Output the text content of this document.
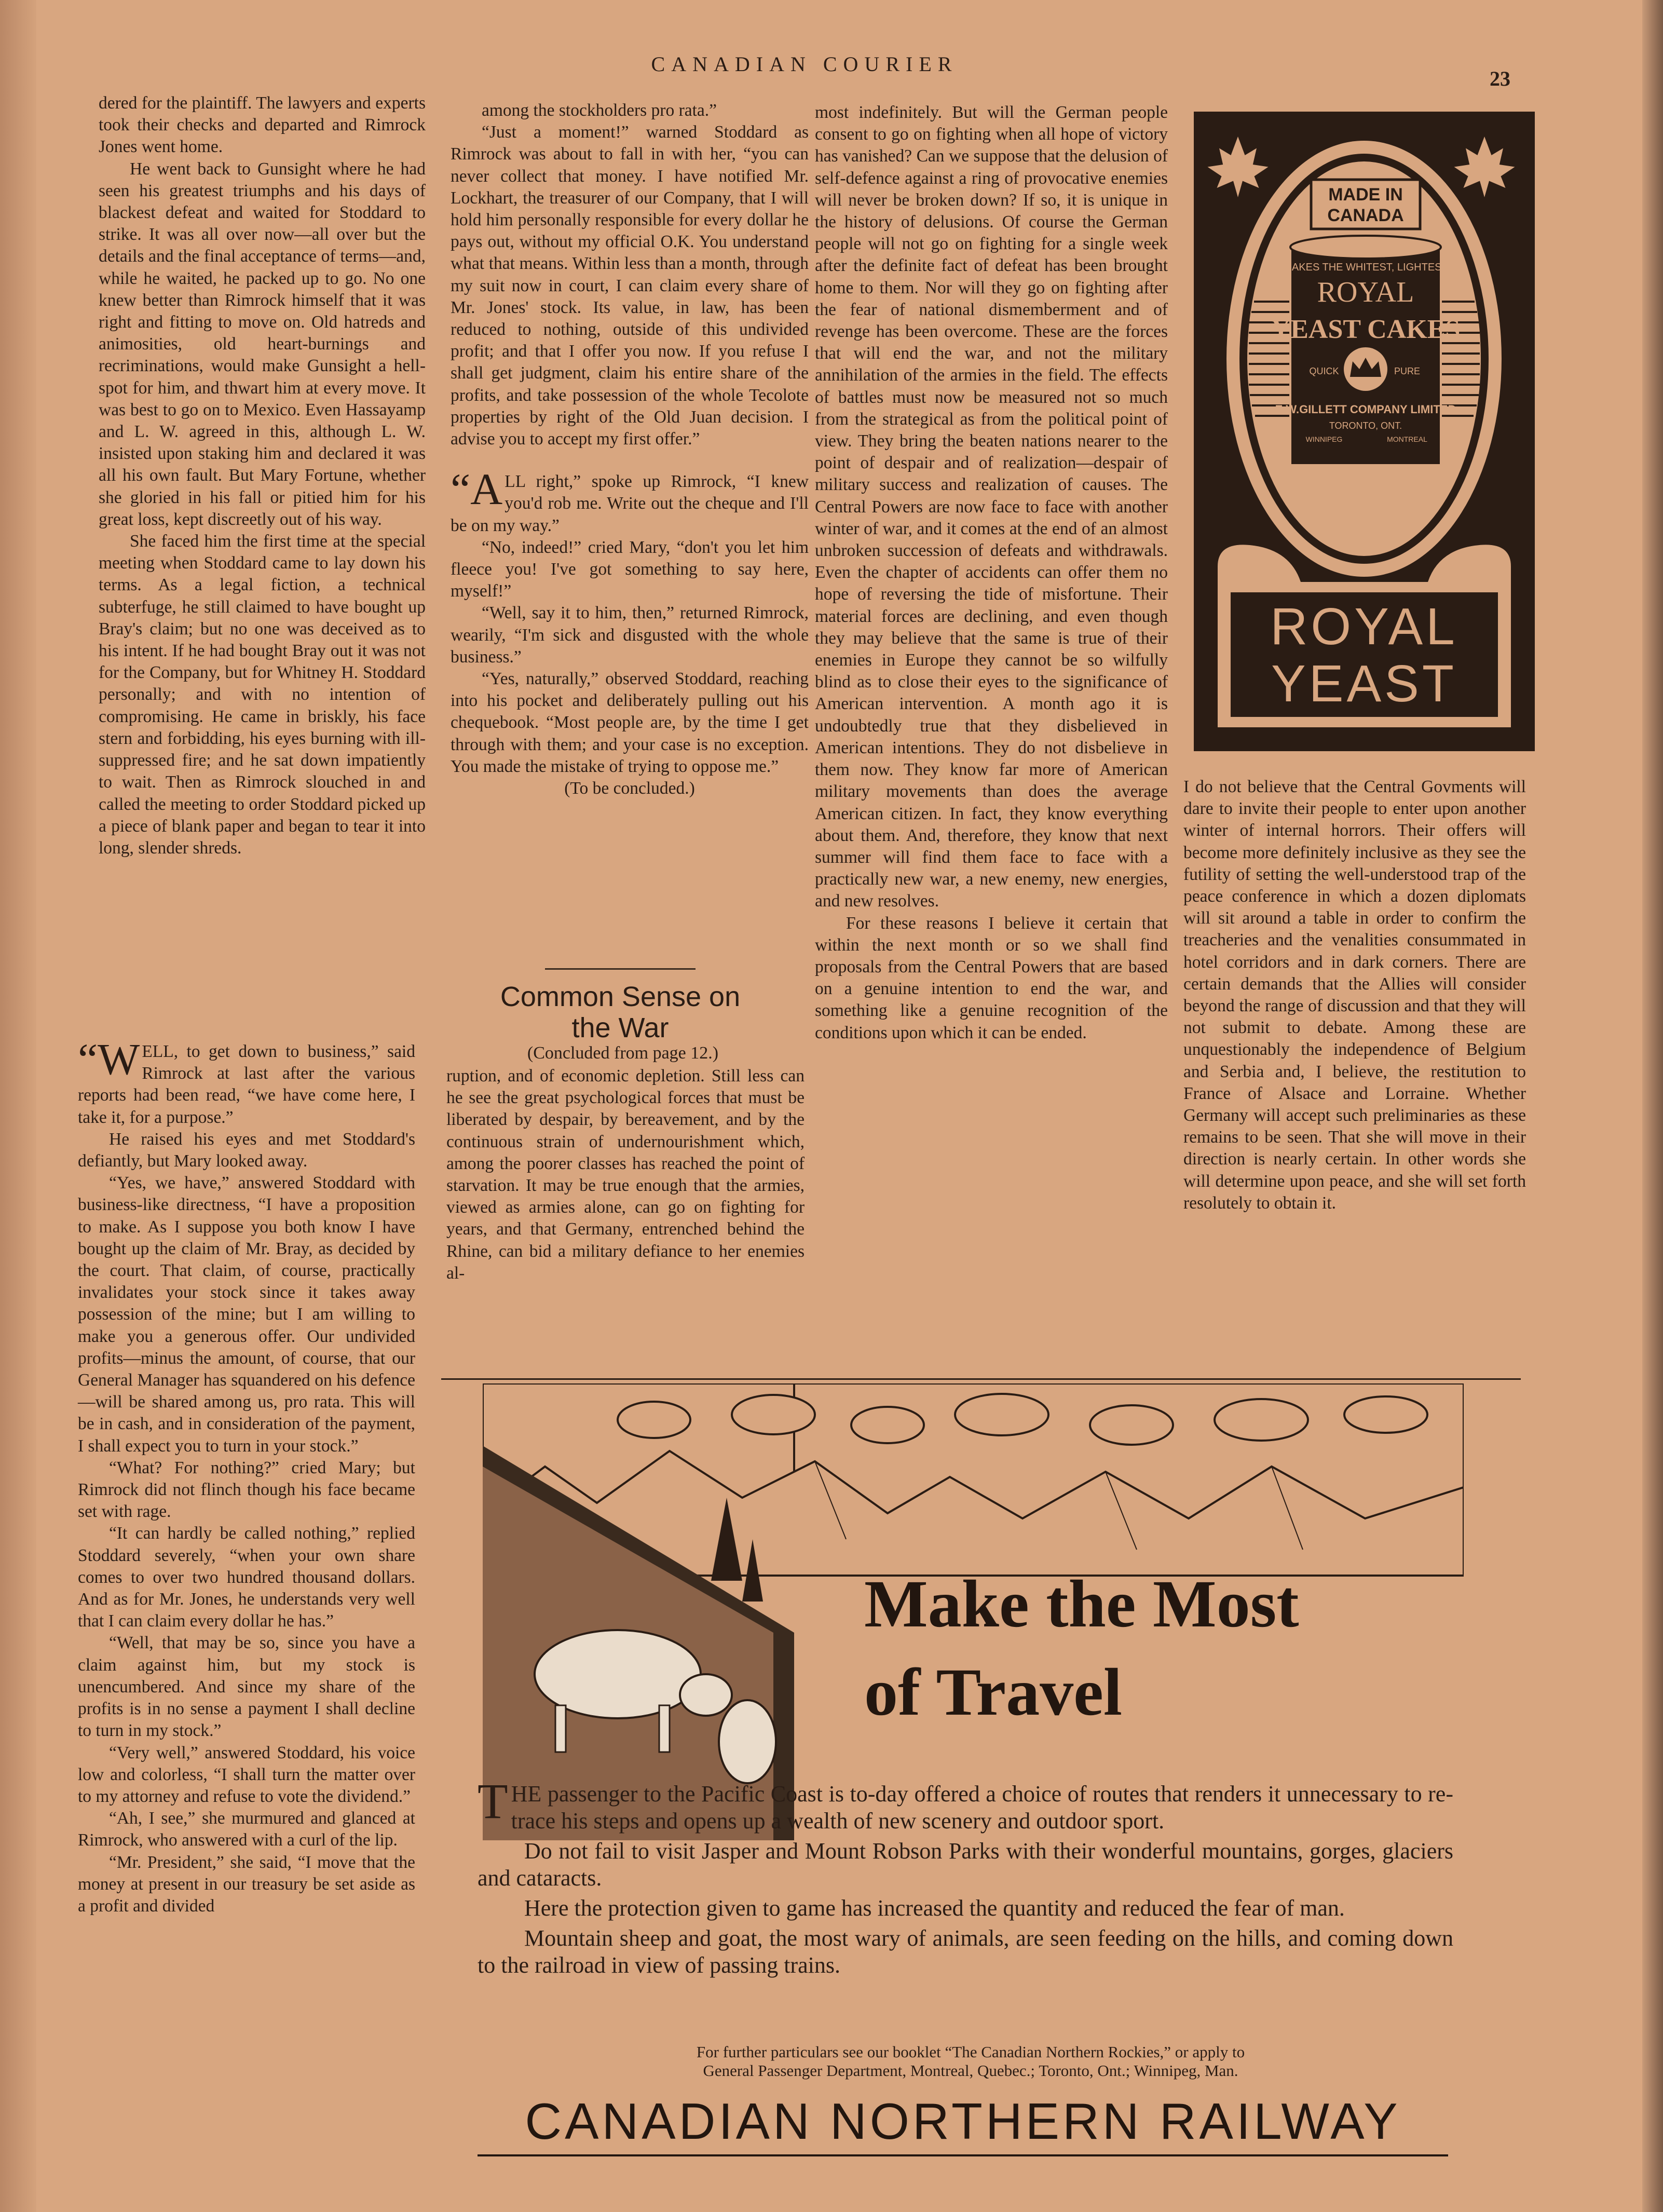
CANADIAN COURIER
23

dered for the plaintiff. The lawyers and experts took their checks and departed and Rimrock Jones went home.

He went back to Gunsight where he had seen his greatest triumphs and his days of blackest defeat and waited for Stoddard to strike. It was all over now—all over but the details and the final acceptance of terms—and, while he waited, he packed up to go. No one knew better than Rimrock himself that it was right and fitting to move on. Old hatreds and animosities, old heart-burnings and recriminations, would make Gunsight a hell-spot for him, and thwart him at every move. It was best to go on to Mexico. Even Hassayamp and L. W. agreed in this, although L. W. insisted upon staking him and declared it was all his own fault. But Mary Fortune, whether she gloried in his fall or pitied him for his great loss, kept discreetly out of his way.

She faced him the first time at the special meeting when Stoddard came to lay down his terms. As a legal fiction, a technical subterfuge, he still claimed to have bought up Bray's claim; but no one was deceived as to his intent. If he had bought Bray out it was not for the Company, but for Whitney H. Stoddard personally; and with no intention of compromising. He came in briskly, his face stern and forbidding, his eyes burning with ill-suppressed fire; and he sat down impatiently to wait. Then as Rimrock slouched in and called the meeting to order Stoddard picked up a piece of blank paper and began to tear it into long, slender shreds.

“WELL, to get down to business,” said Rimrock at last after the various reports had been read, “we have come here, I take it, for a purpose.”

He raised his eyes and met Stoddard's defiantly, but Mary looked away.

“Yes, we have,” answered Stoddard with business-like directness, “I have a proposition to make. As I suppose you both know I have bought up the claim of Mr. Bray, as decided by the court. That claim, of course, practically invalidates your stock since it takes away possession of the mine; but I am willing to make you a generous offer. Our undivided profits—minus the amount, of course, that our General Manager has squandered on his defence—will be shared among us, pro rata. This will be in cash, and in consideration of the payment, I shall expect you to turn in your stock.”

“What? For nothing?” cried Mary; but Rimrock did not flinch though his face became set with rage.

“It can hardly be called nothing,” replied Stoddard severely, “when your own share comes to over two hundred thousand dollars. And as for Mr. Jones, he understands very well that I can claim every dollar he has.”

“Well, that may be so, since you have a claim against him, but my stock is unencumbered. And since my share of the profits is in no sense a payment I shall decline to turn in my stock.”

“Very well,” answered Stoddard, his voice low and colorless, “I shall turn the matter over to my attorney and refuse to vote the dividend.”

“Ah, I see,” she murmured and glanced at Rimrock, who answered with a curl of the lip.

“Mr. President,” she said, “I move that the money at present in our treasury be set aside as a profit and divided

among the stockholders pro rata.”

“Just a moment!” warned Stoddard as Rimrock was about to fall in with her, “you can never collect that money. I have notified Mr. Lockhart, the treasurer of our Company, that I will hold him personally responsible for every dollar he pays out, without my official O.K. You understand what that means. Within less than a month, through my suit now in court, I can claim every share of Mr. Jones' stock. Its value, in law, has been reduced to nothing, outside of this undivided profit; and that I offer you now. If you refuse I shall get judgment, claim his entire share of the profits, and take possession of the whole Tecolote properties by right of the Old Juan decision. I advise you to accept my first offer.”

“ALL right,” spoke up Rimrock, “I knew you'd rob me. Write out the cheque and I'll be on my way.”

“No, indeed!” cried Mary, “don't you let him fleece you! I've got something to say here, myself!”

“Well, say it to him, then,” returned Rimrock, wearily, “I'm sick and disgusted with the whole business.”

“Yes, naturally,” observed Stoddard, reaching into his pocket and deliberately pulling out his chequebook. “Most people are, by the time I get through with them; and your case is no exception. You made the mistake of trying to oppose me.”

(To be concluded.)

Common Sense on
the War
(Concluded from page 12.)

ruption, and of economic depletion. Still less can he see the great psychological forces that must be liberated by despair, by bereavement, and by the continuous strain of undernourishment which, among the poorer classes has reached the point of starvation. It may be true enough that the armies, viewed as armies alone, can go on fighting for years, and that Germany, entrenched behind the Rhine, can bid a military defiance to her enemies al-

most indefinitely. But will the German people consent to go on fighting when all hope of victory has vanished? Can we suppose that the delusion of self-defence against a ring of provocative enemies will never be broken down? If so, it is unique in the history of delusions. Of course the German people will not go on fighting for a single week after the definite fact of defeat has been brought home to them. Nor will they go on fighting after the fear of national dismemberment and of revenge has been overcome. These are the forces that will end the war, and not the military annihilation of the armies in the field. The effects of battles must now be measured not so much from the strategical as from the political point of view. They bring the beaten nations nearer to the point of despair and of realization—despair of military success and realization of causes. The Central Powers are now face to face with another winter of war, and it comes at the end of an almost unbroken succession of defeats and withdrawals. Even the chapter of accidents can offer them no hope of reversing the tide of misfortune. Their material forces are declining, and even though they may believe that the same is true of their enemies in Europe they cannot be so wilfully blind as to close their eyes to the significance of American intervention. A month ago it is undoubtedly true that they disbelieved in American intentions. They do not disbelieve in them now. They know far more of American military movements than does the average American citizen. In fact, they know everything about them. And, therefore, they know that next summer will find them face to face with a practically new war, a new enemy, new energies, and new resolves.

For these reasons I believe it certain that within the next month or so we shall find proposals from the Central Powers that are based on a genuine intention to end the war, and something like a genuine recognition of the conditions upon which it can be ended.

I do not believe that the Central Govments will dare to invite their people to enter upon another winter of internal horrors. Their offers will become more definitely inclusive as they see the futility of setting the well-understood trap of the peace conference in which a dozen diplomats will sit around a table in order to confirm the treacheries and the venalities consummated in hotel corridors and in dark corners. There are certain demands that the Allies will consider beyond the range of discussion and that they will not submit to debate. Among these are unquestionably the independence of Belgium and Serbia and, I believe, the restitution to France of Alsace and Lorraine. Whether Germany will accept such preliminaries as these remains to be seen. That she will move in their direction is nearly certain. In other words she will determine upon peace, and she will set forth resolutely to obtain it.

MADE IN
CANADA
MAKES THE WHITEST, LIGHTEST
ROYAL
YEAST CAKES
QUICK	PURE
E.W.GILLETT COMPANY LIMITED
TORONTO, ONT.
WINNIPEG	MONTREAL
ROYAL
YEAST
Make the Most
of Travel

THE passenger to the Pacific Coast is to-day offered a choice of routes that renders it unnecessary to re-trace his steps and opens up a wealth of new scenery and outdoor sport.

Do not fail to visit Jasper and Mount Robson Parks with their wonderful mountains, gorges, glaciers and cataracts.

Here the protection given to game has increased the quantity and reduced the fear of man.

Mountain sheep and goat, the most wary of animals, are seen feeding on the hills, and coming down to the railroad in view of passing trains.

For further particulars see our booklet “The Canadian Northern Rockies,” or apply to
General Passenger Department, Montreal, Quebec.; Toronto, Ont.; Winnipeg, Man.
CANADIAN NORTHERN RAILWAY
